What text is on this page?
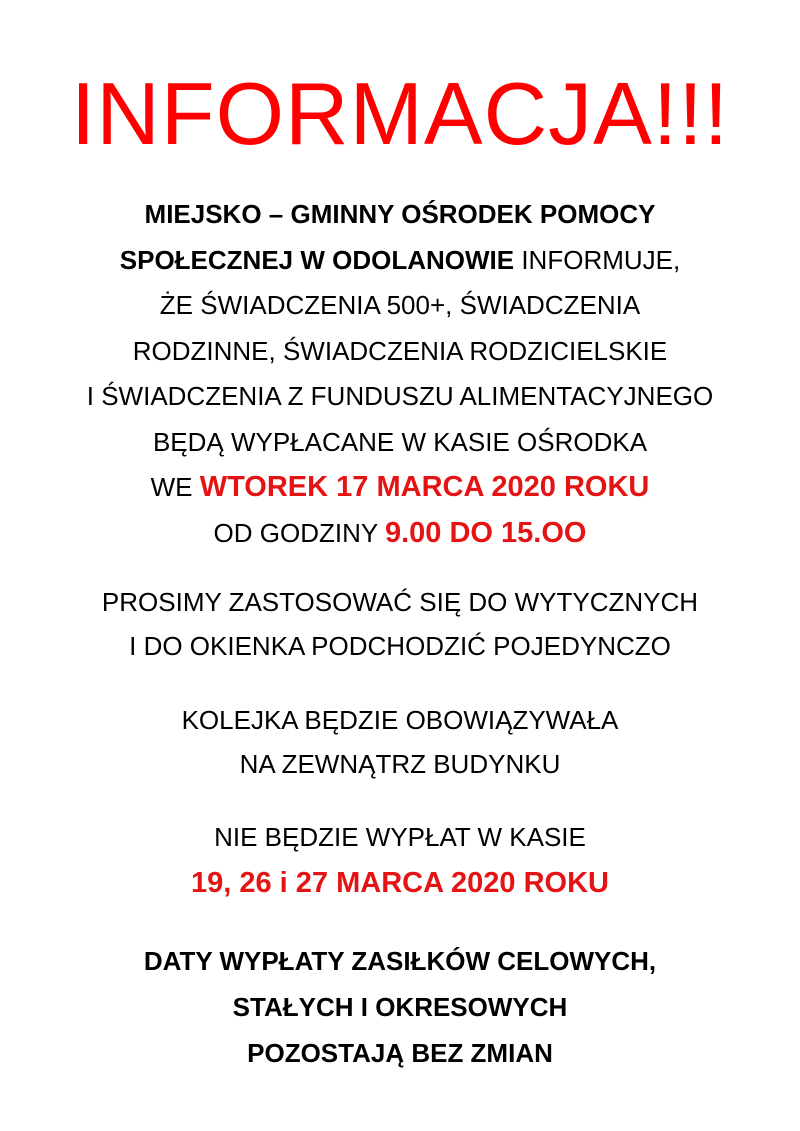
INFORMACJA!!!
MIEJSKO – GMINNY OŚRODEK POMOCY
SPOŁECZNEJ W ODOLANOWIE INFORMUJE,
ŻE ŚWIADCZENIA 500+, ŚWIADCZENIA
RODZINNE, ŚWIADCZENIA RODZICIELSKIE
I ŚWIADCZENIA Z FUNDUSZU ALIMENTACYJNEGO
BĘDĄ WYPŁACANE W KASIE OŚRODKA
WE WTOREK 17 MARCA 2020 ROKU
OD GODZINY 9.00 DO 15.OO
PROSIMY ZASTOSOWAĆ SIĘ DO WYTYCZNYCH
I DO OKIENKA PODCHODZIĆ POJEDYNCZO
KOLEJKA BĘDZIE OBOWIĄZYWAŁA
NA ZEWNĄTRZ BUDYNKU
NIE BĘDZIE WYPŁAT W KASIE
19, 26 i 27 MARCA 2020 ROKU
DATY WYPŁATY ZASIŁKÓW CELOWYCH,
STAŁYCH I OKRESOWYCH
POZOSTAJĄ BEZ ZMIAN
